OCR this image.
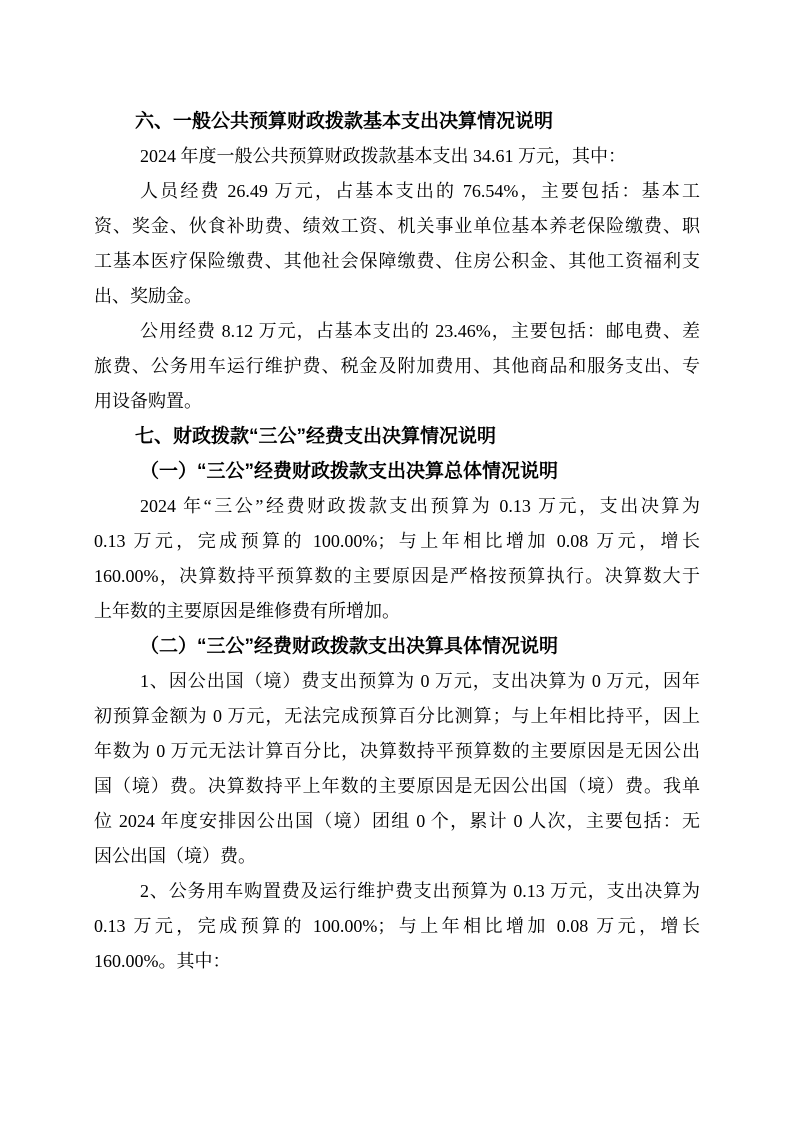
六、一般公共预算财政拨款基本支出决算情况说明
2024 年度一般公共预算财政拨款基本支出 34.61 万元，其中：
人员经费 26.49 万元，占基本支出的 76.54%，主要包括：基本工
资、奖金、伙食补助费、绩效工资、机关事业单位基本养老保险缴费、职
工基本医疗保险缴费、其他社会保障缴费、住房公积金、其他工资福利支
出、奖励金。
公用经费 8.12 万元，占基本支出的 23.46%，主要包括：邮电费、差
旅费、公务用车运行维护费、税金及附加费用、其他商品和服务支出、专
用设备购置。
七、财政拨款“三公”经费支出决算情况说明
（一）“三公”经费财政拨款支出决算总体情况说明
2024 年“三公”经费财政拨款支出预算为 0.13 万元，支出决算为
0.13 万元，完成预算的 100.00%；与上年相比增加 0.08 万元，增长
160.00%，决算数持平预算数的主要原因是严格按预算执行。决算数大于
上年数的主要原因是维修费有所增加。
（二）“三公”经费财政拨款支出决算具体情况说明
1、因公出国（境）费支出预算为 0 万元，支出决算为 0 万元，因年
初预算金额为 0 万元，无法完成预算百分比测算；与上年相比持平，因上
年数为 0 万元无法计算百分比，决算数持平预算数的主要原因是无因公出
国（境）费。决算数持平上年数的主要原因是无因公出国（境）费。我单
位 2024 年度安排因公出国（境）团组 0 个，累计 0 人次，主要包括：无
因公出国（境）费。
2、公务用车购置费及运行维护费支出预算为 0.13 万元，支出决算为
0.13 万元，完成预算的 100.00%；与上年相比增加 0.08 万元，增长
160.00%。其中：
